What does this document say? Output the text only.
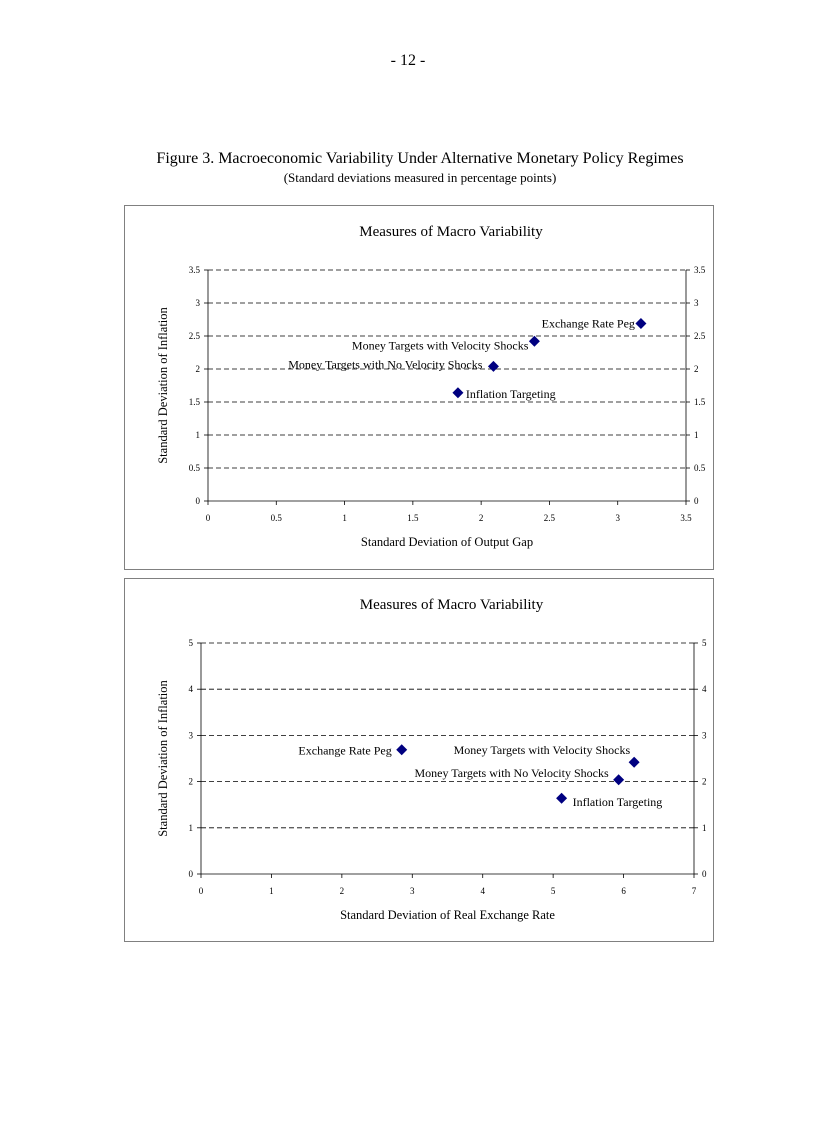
- 12 -
Figure 3. Macroeconomic Variability Under Alternative Monetary Policy Regimes
(Standard deviations measured in percentage points)
Measures of Macro Variability
0	0
0.5	0.5
1	1
1.5	1.5
2	2
2.5	2.5
3	3
3.5	3.5
0	0.5	1	1.5	2	2.5	3	3.5
Standard Deviation of Output Gap
Standard Deviation of Inflation	Exchange Rate Peg
Money Targets with Velocity Shocks
Money Targets with No Velocity Shocks
Inflation Targeting
Measures of Macro Variability
0	0
1	1
2	2
3	3
4	4
5	5
0	1	2	3	4	5	6	7
Standard Deviation of Real Exchange Rate
Standard Deviation of Inflation	Exchange Rate Peg	Money Targets with Velocity Shocks
Money Targets with No Velocity Shocks
Inflation Targeting
